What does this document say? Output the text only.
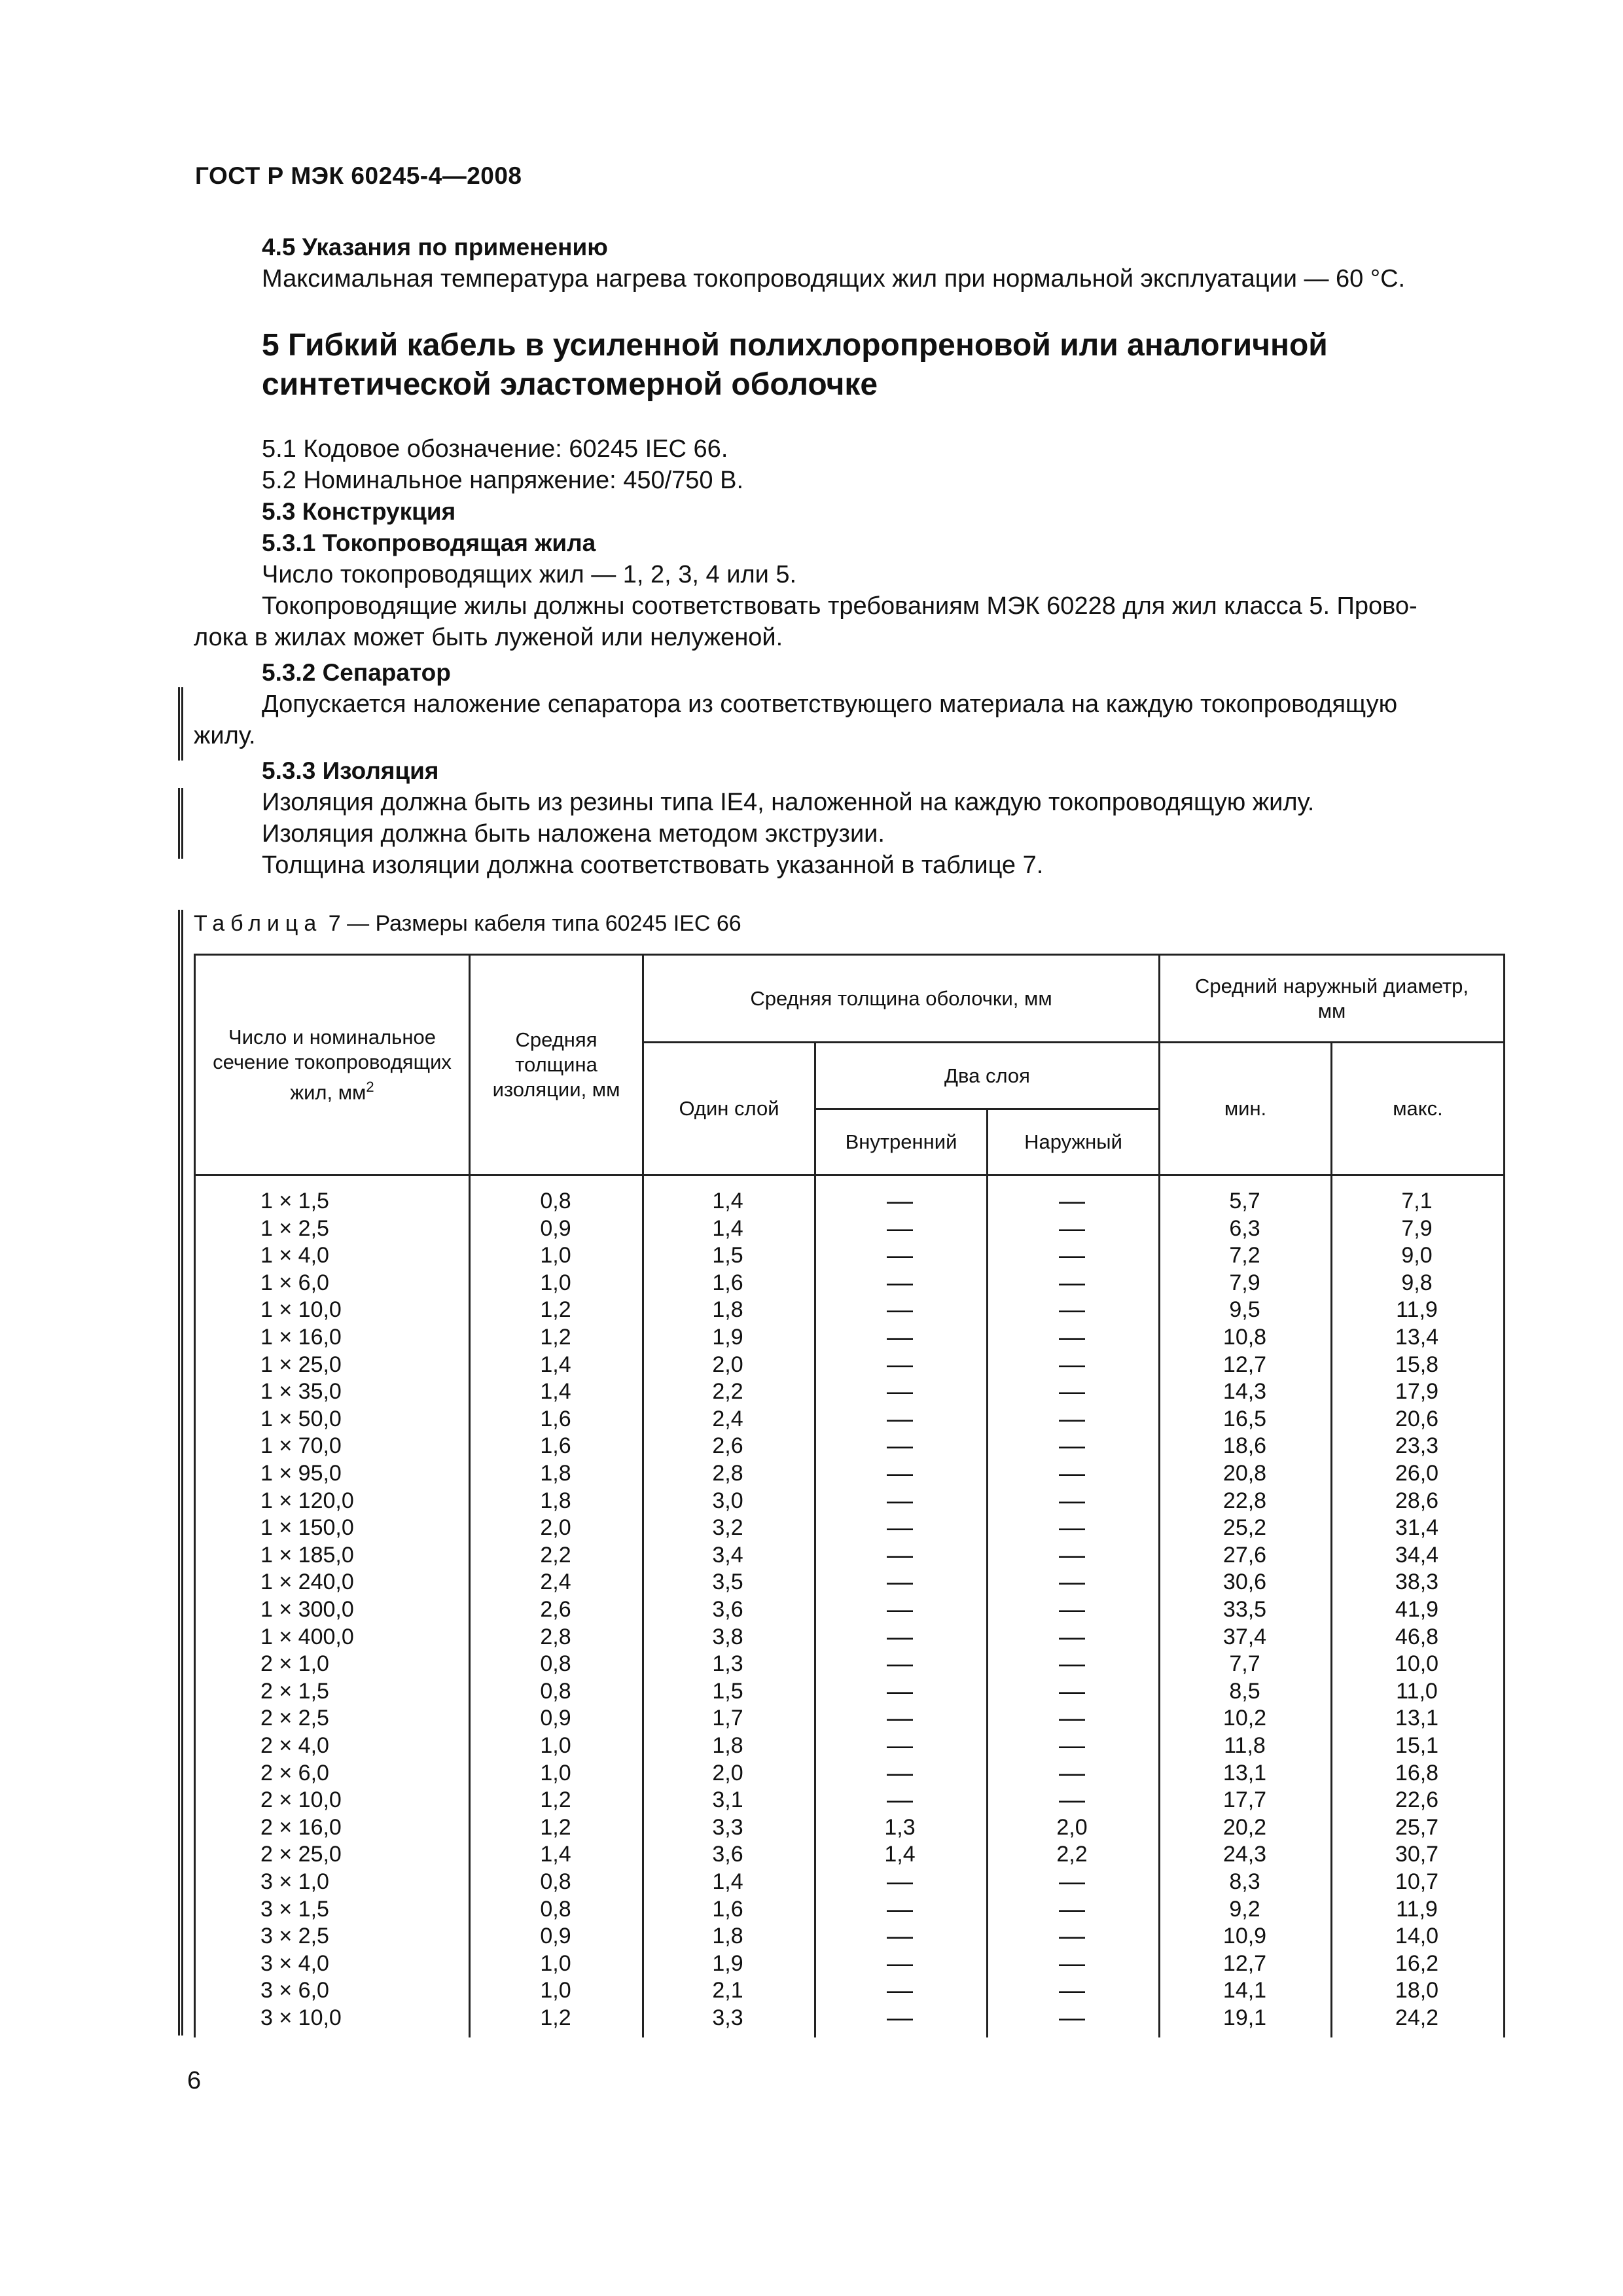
ГОСТ Р МЭК 60245-4—2008
4.5 Указания по применению
Максимальная температура нагрева токопроводящих жил при нормальной эксплуатации — 60 °С.
5 Гибкий кабель в усиленной полихлоропреновой или аналогичной
синтетической эластомерной оболочке
5.1 Кодовое обозначение: 60245 IEC 66.
5.2 Номинальное напряжение: 450/750 В.
5.3 Конструкция
5.3.1 Токопроводящая жила
Число токопроводящих жил — 1, 2, 3, 4 или 5.
Токопроводящие жилы должны соответствовать требованиям МЭК 60228 для жил класса 5. Прово-
лока в жилах может быть луженой или нелуженой.
5.3.2 Сепаратор
Допускается наложение сепаратора из соответствующего материала на каждую токопроводящую
жилу.
5.3.3 Изоляция
Изоляция должна быть из резины типа IE4, наложенной на каждую токопроводящую жилу.
Изоляция должна быть наложена методом экструзии.
Толщина изоляции должна соответствовать указанной в таблице 7.
Таблица 7 — Размеры кабеля типа 60245 IEC 66
Число и номинальное
сечение токопроводящих
жил, $мм^2$
Средняя толщина изоляции, мм
Средняя толщина оболочки, мм
Один слой
Два слоя
Внутренний	Наружный
Средний наружный диаметр, мм
мин.	макс.
1 × 1,5	0,8	1,4	—	—	5,7	7,1
1 × 2,5	0,9	1,4	—	—	6,3	7,9
1 × 4,0	1,0	1,5	—	—	7,2	9,0
1 × 6,0	1,0	1,6	—	—	7,9	9,8
1 × 10,0	1,2	1,8	—	—	9,5	11,9
1 × 16,0	1,2	1,9	—	—	10,8	13,4
1 × 25,0	1,4	2,0	—	—	12,7	15,8
1 × 35,0	1,4	2,2	—	—	14,3	17,9
1 × 50,0	1,6	2,4	—	—	16,5	20,6
1 × 70,0	1,6	2,6	—	—	18,6	23,3
1 × 95,0	1,8	2,8	—	—	20,8	26,0
1 × 120,0	1,8	3,0	—	—	22,8	28,6
1 × 150,0	2,0	3,2	—	—	25,2	31,4
1 × 185,0	2,2	3,4	—	—	27,6	34,4
1 × 240,0	2,4	3,5	—	—	30,6	38,3
1 × 300,0	2,6	3,6	—	—	33,5	41,9
1 × 400,0	2,8	3,8	—	—	37,4	46,8
2 × 1,0	0,8	1,3	—	—	7,7	10,0
2 × 1,5	0,8	1,5	—	—	8,5	11,0
2 × 2,5	0,9	1,7	—	—	10,2	13,1
2 × 4,0	1,0	1,8	—	—	11,8	15,1
2 × 6,0	1,0	2,0	—	—	13,1	16,8
2 × 10,0	1,2	3,1	—	—	17,7	22,6
2 × 16,0	1,2	3,3	1,3	2,0	20,2	25,7
2 × 25,0	1,4	3,6	1,4	2,2	24,3	30,7
3 × 1,0	0,8	1,4	—	—	8,3	10,7
3 × 1,5	0,8	1,6	—	—	9,2	11,9
3 × 2,5	0,9	1,8	—	—	10,9	14,0
3 × 4,0	1,0	1,9	—	—	12,7	16,2
3 × 6,0	1,0	2,1	—	—	14,1	18,0
3 × 10,0	1,2	3,3	—	—	19,1	24,2
6
